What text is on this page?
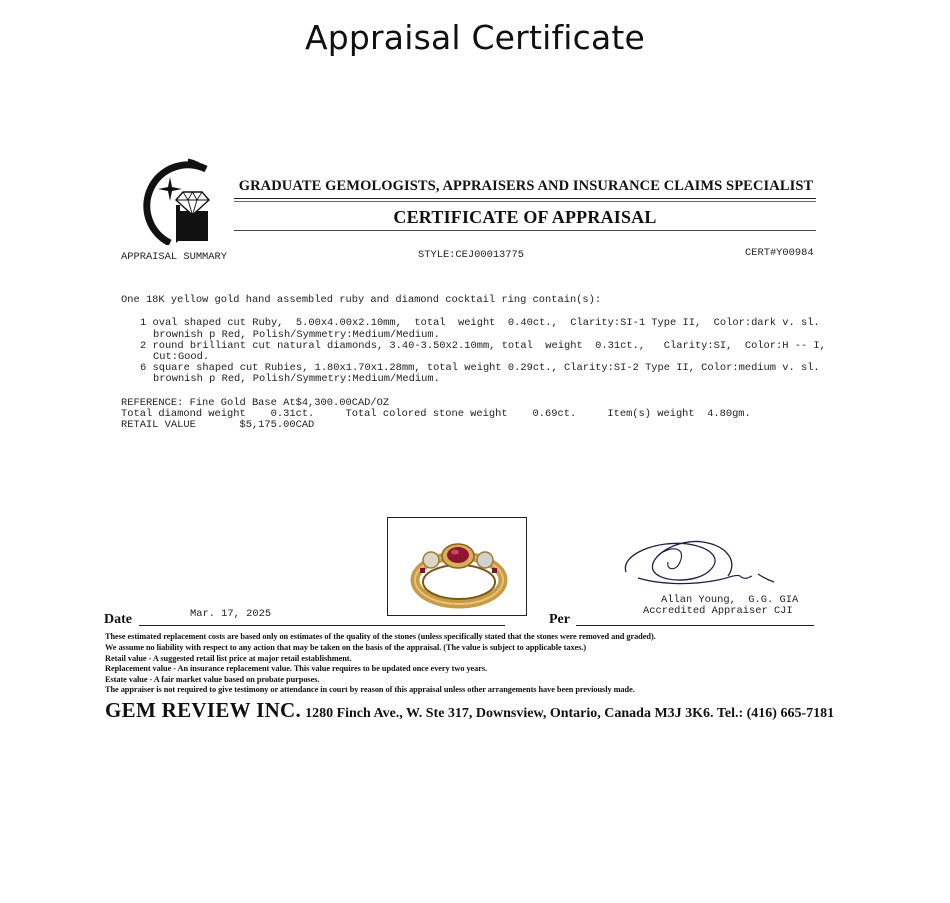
Appraisal Certificate
GRADUATE GEMOLOGISTS, APPRAISERS AND INSURANCE CLAIMS SPECIALIST
CERTIFICATE OF APPRAISAL
APPRAISAL SUMMARY	STYLE:CEJ00013775	CERT#Y00984
One 18K yellow gold hand assembled ruby and diamond cocktail ring contain(s):
1 oval shaped cut Ruby,  5.00x4.00x2.10mm,  total  weight  0.40ct.,  Clarity:SI-1 Type II,  Color:dark v. sl.
brownish p Red, Polish/Symmetry:Medium/Medium.
2 round brilliant cut natural diamonds, 3.40-3.50x2.10mm, total  weight  0.31ct.,   Clarity:SI,  Color:H -- I,
Cut:Good.
6 square shaped cut Rubies, 1.80x1.70x1.28mm, total weight 0.29ct., Clarity:SI-2 Type II, Color:medium v. sl.
brownish p Red, Polish/Symmetry:Medium/Medium.
REFERENCE: Fine Gold Base At$4,300.00CAD/OZ
Total diamond weight    0.31ct.     Total colored stone weight    0.69ct.     Item(s) weight  4.80gm.
RETAIL VALUE       $5,175.00CAD
Allan Young,  G.G. GIA
Accredited Appraiser CJI
Date	Mar. 17, 2025	Per
These estimated replacement costs are based only on estimates of the quality of the stones (unless specifically stated that the stones were removed and graded).
We assume no liability with respect to any action that may be taken on the basis of the appraisal. (The value is subject to applicable taxes.)
Retail value - A suggested retail list price at major retail establishment.
Replacement value - An insurance replacement value. This value requires to be updated once every two years.
Estate value - A fair market value based on probate purposes.
The appraiser is not required to give testimony or attendance in court by reason of this appraisal unless other arrangements have been previously made.
GEM REVIEW INC. 1280 Finch Ave., W. Ste 317, Downsview, Ontario, Canada M3J 3K6. Tel.: (416) 665-7181
